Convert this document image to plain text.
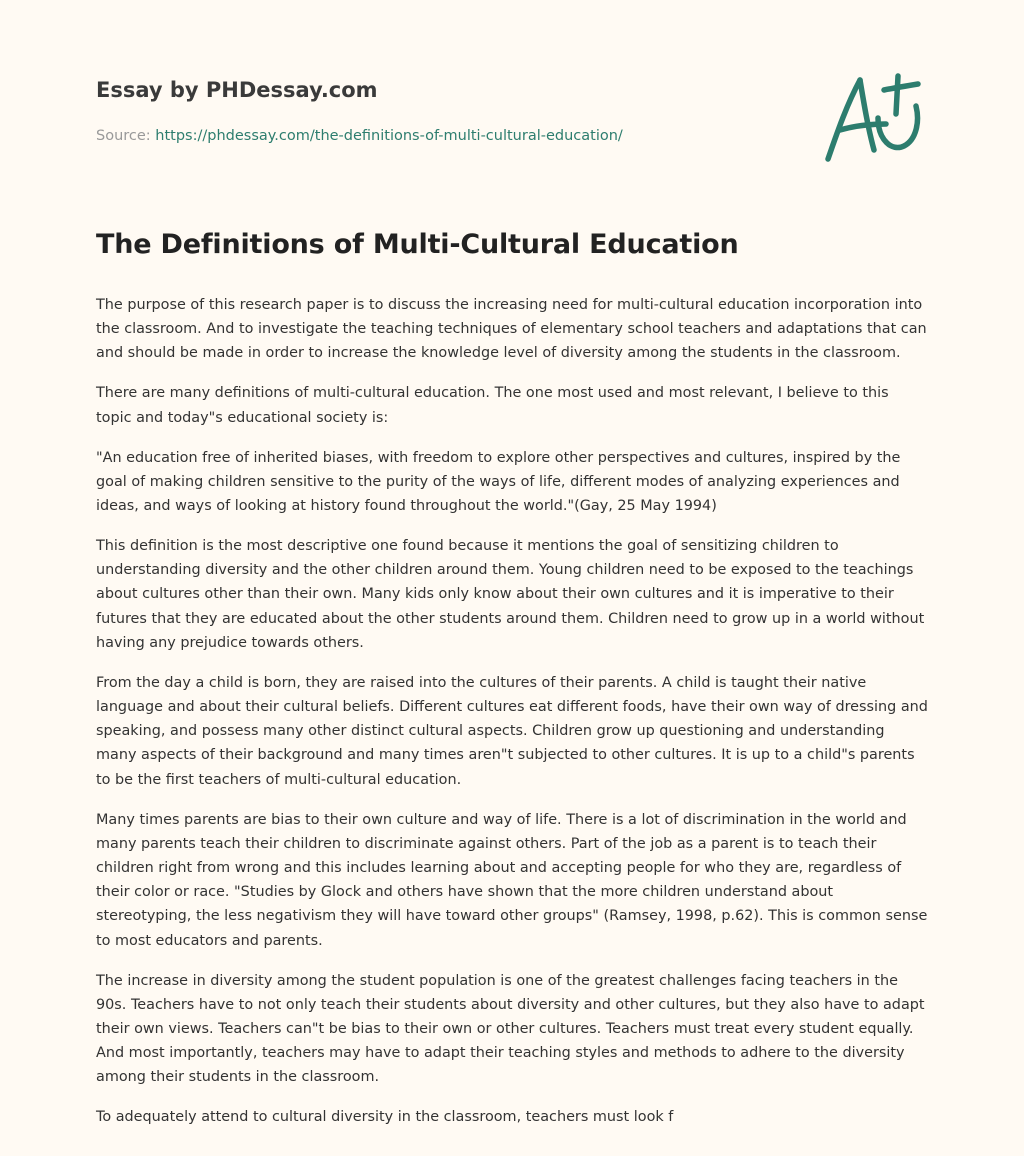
Essay by PHDessay.com
Source: https://phdessay.com/the-definitions-of-multi-cultural-education/
The Definitions of Multi-Cultural Education

The purpose of this research paper is to discuss the increasing need for multi-cultural education incorporation into the classroom. And to investigate the teaching techniques of elementary school teachers and adaptations that can and should be made in order to increase the knowledge level of diversity among the students in the classroom.

There are many definitions of multi-cultural education. The one most used and most relevant, I believe to this topic and today"s educational society is:

"An education free of inherited biases, with freedom to explore other perspectives and cultures, inspired by the goal of making children sensitive to the purity of the ways of life, different modes of analyzing experiences and ideas, and ways of looking at history found throughout the world."(Gay, 25 May 1994)

This definition is the most descriptive one found because it mentions the goal of sensitizing children to understanding diversity and the other children around them. Young children need to be exposed to the teachings about cultures other than their own. Many kids only know about their own cultures and it is imperative to their futures that they are educated about the other students around them. Children need to grow up in a world without having any prejudice towards others.

From the day a child is born, they are raised into the cultures of their parents. A child is taught their native language and about their cultural beliefs. Different cultures eat different foods, have their own way of dressing and speaking, and possess many other distinct cultural aspects. Children grow up questioning and understanding many aspects of their background and many times aren"t subjected to other cultures. It is up to a child"s parents to be the first teachers of multi-cultural education.

Many times parents are bias to their own culture and way of life. There is a lot of discrimination in the world and many parents teach their children to discriminate against others. Part of the job as a parent is to teach their children right from wrong and this includes learning about and accepting people for who they are, regardless of their color or race. "Studies by Glock and others have shown that the more children understand about stereotyping, the less negativism they will have toward other groups" (Ramsey, 1998, p.62). This is common sense to most educators and parents.

The increase in diversity among the student population is one of the greatest challenges facing teachers in the 90s. Teachers have to not only teach their students about diversity and other cultures, but they also have to adapt their own views. Teachers can"t be bias to their own or other cultures. Teachers must treat every student equally. And most importantly, teachers may have to adapt their teaching styles and methods to adhere to the diversity among their students in the classroom.

To adequately attend to cultural diversity in the classroom, teachers must look f
